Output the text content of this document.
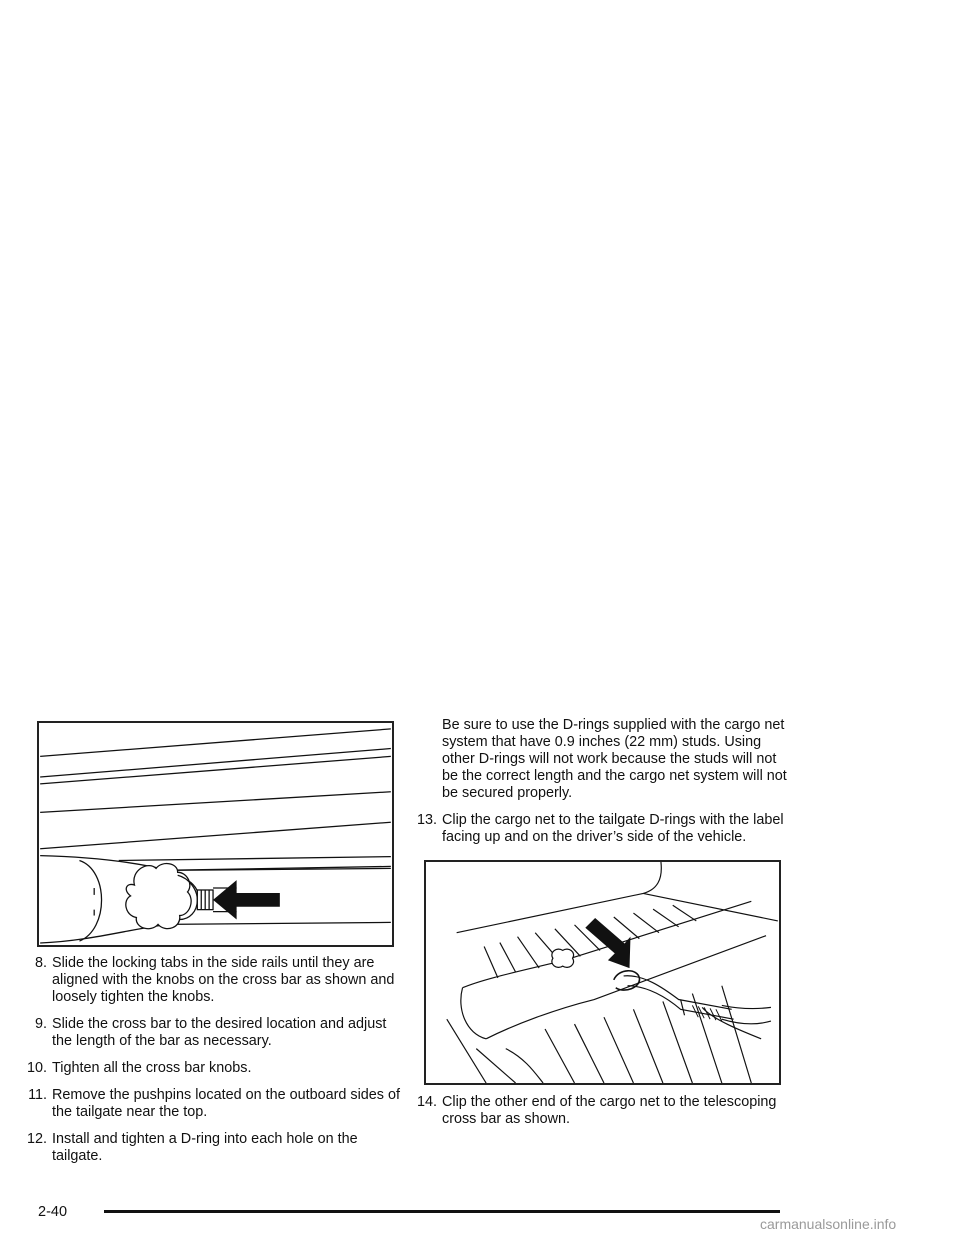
8. Slide the locking tabs in the side rails until they are aligned with the knobs on the cross bar as shown and loosely tighten the knobs.
9. Slide the cross bar to the desired location and adjust the length of the bar as necessary.
10. Tighten all the cross bar knobs.
11. Remove the pushpins located on the outboard sides of the tailgate near the top.
12. Install and tighten a D-ring into each hole on the tailgate.
Be sure to use the D-rings supplied with the cargo net system that have 0.9 inches (22 mm) studs. Using other D-rings will not work because the studs will not be the correct length and the cargo net system will not be secured properly.
13. Clip the cargo net to the tailgate D-rings with the label facing up and on the driver’s side of the vehicle.
14. Clip the other end of the cargo net to the telescoping cross bar as shown.
2-40
carmanualsonline.info
